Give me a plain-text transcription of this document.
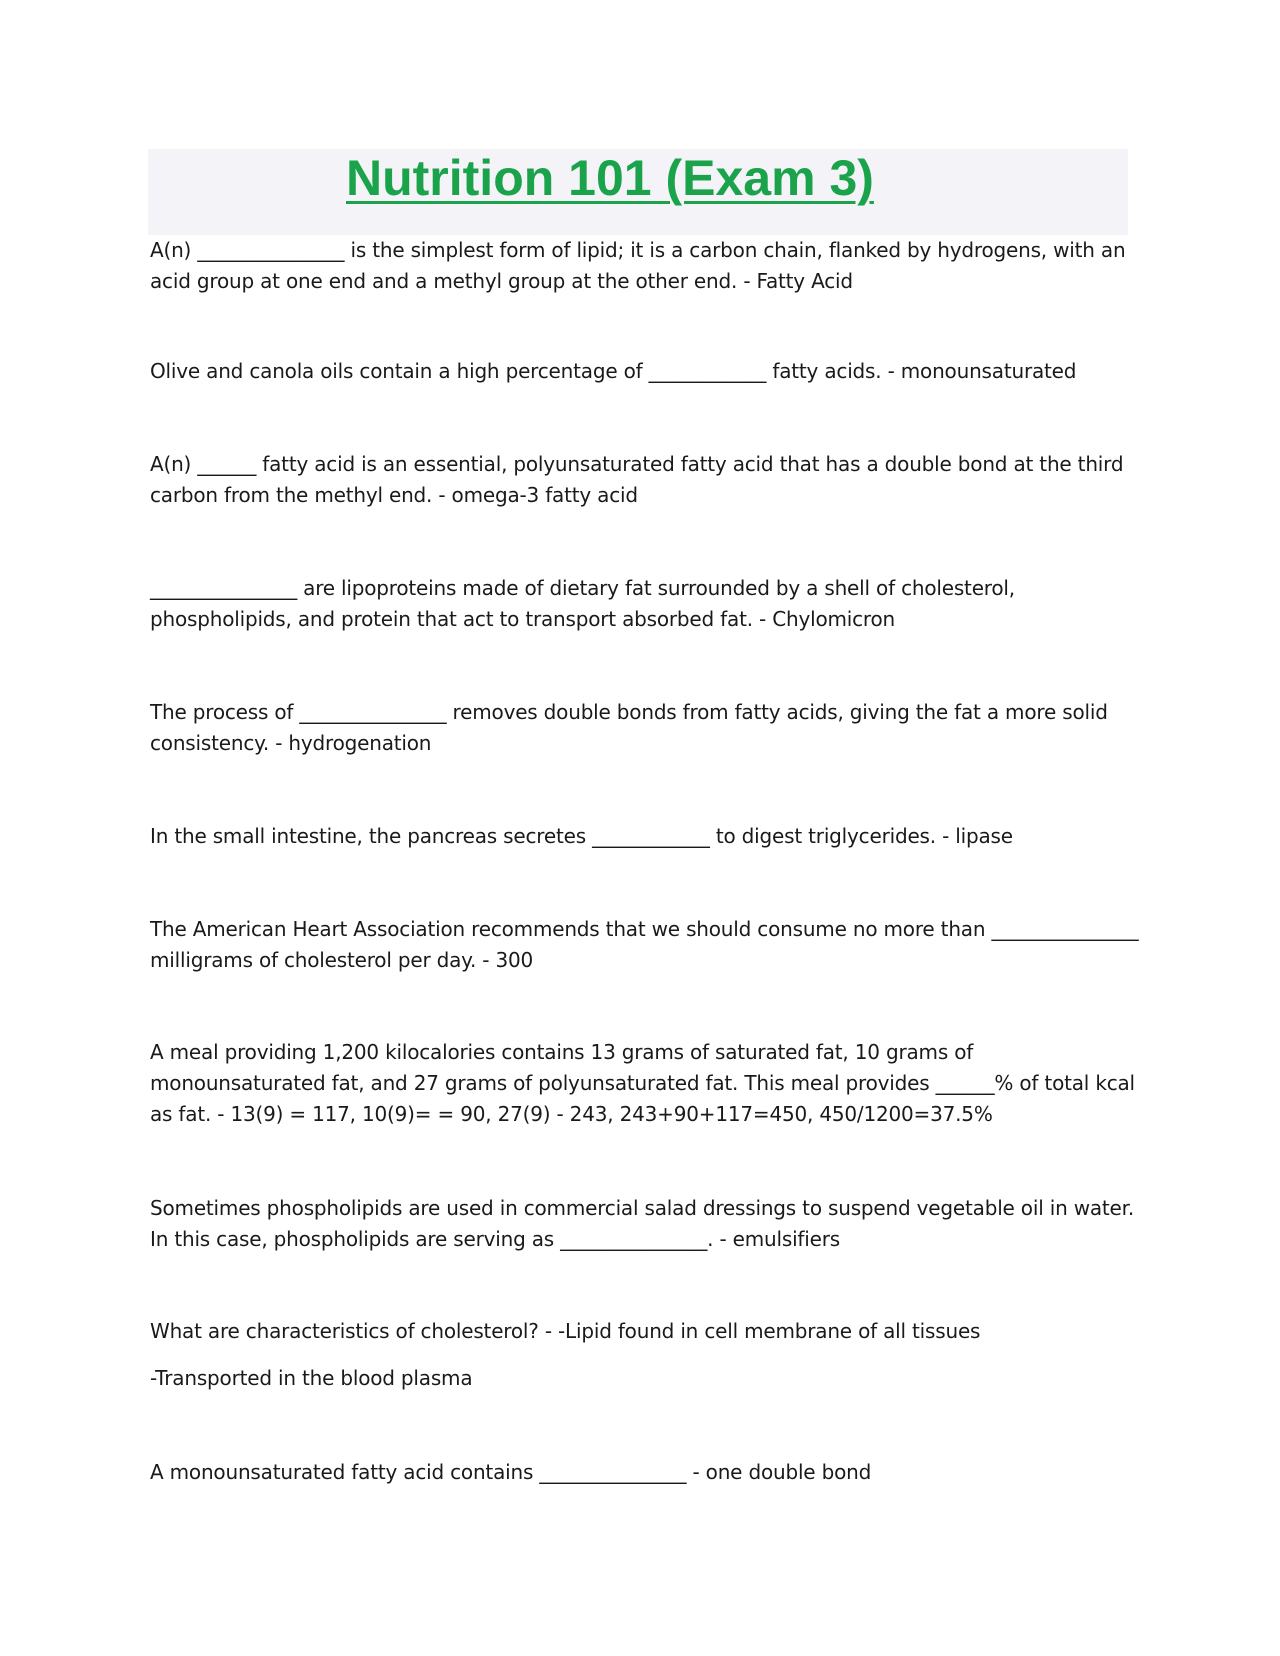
Nutrition 101 (Exam 3)

A(n) _______________ is the simplest form of lipid; it is a carbon chain, flanked by hydrogens, with an acid group at one end and a methyl group at the other end. - Fatty Acid

Olive and canola oils contain a high percentage of ____________ fatty acids. - monounsaturated

A(n) ______ fatty acid is an essential, polyunsaturated fatty acid that has a double bond at the third carbon from the methyl end. - omega-3 fatty acid

_______________ are lipoproteins made of dietary fat surrounded by a shell of cholesterol, phospholipids, and protein that act to transport absorbed fat. - Chylomicron

The process of _______________ removes double bonds from fatty acids, giving the fat a more solid consistency. - hydrogenation

In the small intestine, the pancreas secretes ____________ to digest triglycerides. - lipase

The American Heart Association recommends that we should consume no more than _______________ milligrams of cholesterol per day. - 300

A meal providing 1,200 kilocalories contains 13 grams of saturated fat, 10 grams of monounsaturated fat, and 27 grams of polyunsaturated fat. This meal provides ______% of total kcal as fat. - 13(9) = 117, 10(9)= = 90, 27(9) - 243, 243+90+117=450, 450/1200=37.5%

Sometimes phospholipids are used in commercial salad dressings to suspend vegetable oil in water. In this case, phospholipids are serving as _______________. - emulsifiers

What are characteristics of cholesterol? - -Lipid found in cell membrane of all tissues

-Transported in the blood plasma

A monounsaturated fatty acid contains _______________ - one double bond
